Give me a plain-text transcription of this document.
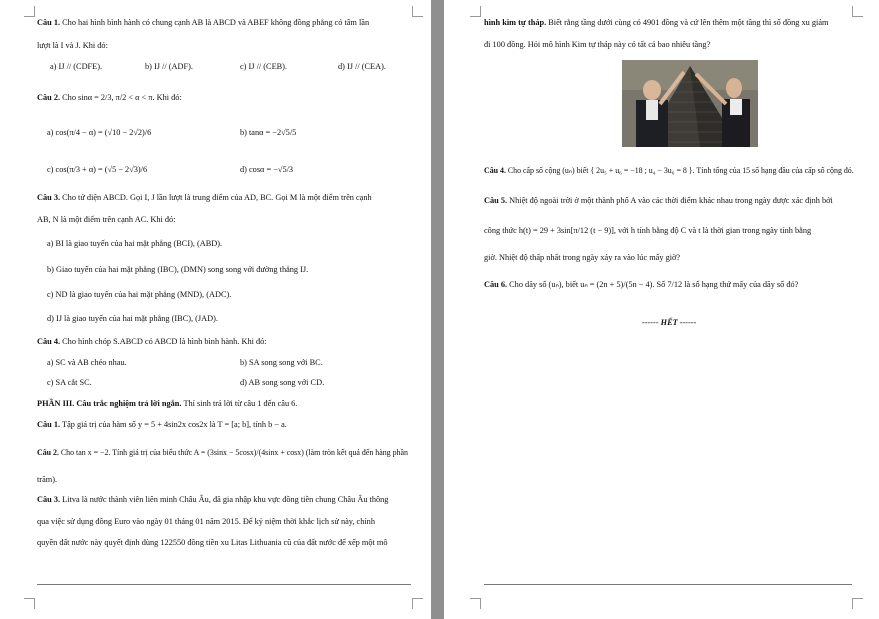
Câu 1. Cho hai hình bình hành có chung cạnh AB là ABCD và ABEF không đồng phẳng có tâm lần
lượt là I và J. Khi đó:
a) IJ // (CDFE).	b) IJ // (ADF).	c) IJ // (CEB).	d) IJ // (CEA).
Câu 2. Cho sinα = 2/3, π/2 < α < π. Khi đó:
a) cos(π/4 − α) = (√10 − 2√2)/6	b) tanα = −2√5/5
c) cos(π/3 + α) = (√5 − 2√3)/6	d) cosα = −√5/3
Câu 3. Cho tứ diện ABCD. Gọi I, J lần lượt là trung điểm của AD, BC. Gọi M là một điểm trên cạnh
AB, N là một điểm trên cạnh AC. Khi đó:
a) BI là giao tuyến của hai mặt phẳng (BCI), (ABD).
b) Giao tuyến của hai mặt phẳng (IBC), (DMN) song song với đường thẳng IJ.
c) ND là giao tuyến của hai mặt phẳng (MND), (ADC).
d) IJ là giao tuyến của hai mặt phẳng (IBC), (JAD).
Câu 4. Cho hình chóp S.ABCD có ABCD là hình bình hành. Khi đó:
a) SC và AB chéo nhau.	b) SA song song với BC.
c) SA cắt SC.	d) AB song song với CD.
PHẦN III. Câu trắc nghiệm trả lời ngắn. Thí sinh trả lời từ câu 1 đến câu 6.
Câu 1. Tập giá trị của hàm số y = 5 + 4sin2x cos2x là T = [a; b], tính b − a.
Câu 2. Cho tan x = −2. Tính giá trị của biểu thức A = (3sinx − 5cosx)/(4sinx + cosx) (làm tròn kết quả đến hàng phần
trăm).
Câu 3. Litva là nước thành viên liên minh Châu Âu, đã gia nhập khu vực đồng tiền chung Châu Âu thông
qua việc sử dụng đồng Euro vào ngày 01 tháng 01 năm 2015. Để kỷ niệm thời khắc lịch sử này, chính
quyền đất nước này quyết định dùng 122550 đồng tiền xu Litas Lithuania cũ của đất nước để xếp một mô
hình kim tự tháp. Biết rằng tầng dưới cùng có 4901 đồng và cứ lên thêm một tầng thì số đồng xu giảm
đi 100 đồng. Hỏi mô hình Kim tự tháp này có tất cả bao nhiêu tầng?
Câu 4. Cho cấp số cộng (uₙ) biết { 2u₅ + u₆ = −18 ; u₄ − 3u₆ = 8 }. Tính tổng của 15 số hạng đầu của cấp số cộng đó.
Câu 5. Nhiệt độ ngoài trời ở một thành phố A vào các thời điểm khác nhau trong ngày được xác định bởi
công thức h(t) = 29 + 3sin[π/12 (t − 9)], với h tính bằng độ C và t là thời gian trong ngày tính bằng
giờ. Nhiệt độ thấp nhất trong ngày xảy ra vào lúc mấy giờ?
Câu 6. Cho dãy số (uₙ), biết uₙ = (2n + 5)/(5n − 4). Số 7/12 là số hạng thứ mấy của dãy số đó?
------ HẾT ------
